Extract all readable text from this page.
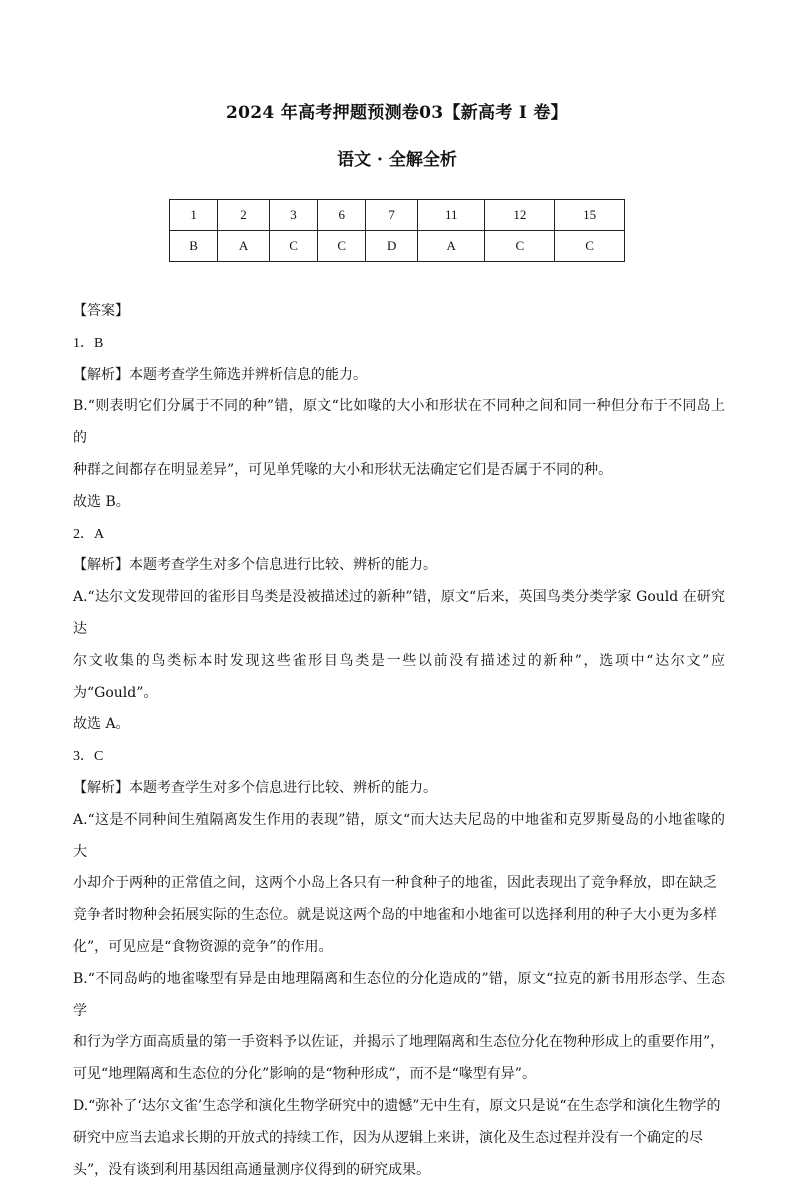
2024 年高考押题预测卷03【新高考 I 卷】
语文 · 全解全析
1	2	3	6	7	11	12	15
B	A	C	C	D	A	C	C

【答案】

1．B

【解析】本题考查学生筛选并辨析信息的能力。

B.“则表明它们分属于不同的种”错，原文“比如喙的大小和形状在不同种之间和同一种但分布于不同岛上的

种群之间都存在明显差异”，可见单凭喙的大小和形状无法确定它们是否属于不同的种。

故选 B。

2．A

【解析】本题考查学生对多个信息进行比较、辨析的能力。

A.“达尔文发现带回的雀形目鸟类是没被描述过的新种”错，原文“后来，英国鸟类分类学家 Gould 在研究达

尔文收集的鸟类标本时发现这些雀形目鸟类是一些以前没有描述过的新种”，选项中“达尔文”应为“Gould”。

故选 A。

3．C

【解析】本题考查学生对多个信息进行比较、辨析的能力。

A.“这是不同种间生殖隔离发生作用的表现”错，原文“而大达夫尼岛的中地雀和克罗斯曼岛的小地雀喙的大

小却介于两种的正常值之间，这两个小岛上各只有一种食种子的地雀，因此表现出了竞争释放，即在缺乏

竞争者时物种会拓展实际的生态位。就是说这两个岛的中地雀和小地雀可以选择利用的种子大小更为多样

化”，可见应是“食物资源的竞争”的作用。

B.“不同岛屿的地雀喙型有异是由地理隔离和生态位的分化造成的”错，原文“拉克的新书用形态学、生态学

和行为学方面高质量的第一手资料予以佐证，并揭示了地理隔离和生态位分化在物种形成上的重要作用”，

可见“地理隔离和生态位的分化”影响的是“物种形成”，而不是“喙型有异”。

D.“弥补了‘达尔文雀’生态学和演化生物学研究中的遗憾”无中生有，原文只是说“在生态学和演化生物学的

研究中应当去追求长期的开放式的持续工作，因为从逻辑上来讲，演化及生态过程并没有一个确定的尽

头”，没有谈到利用基因组高通量测序仪得到的研究成果。
